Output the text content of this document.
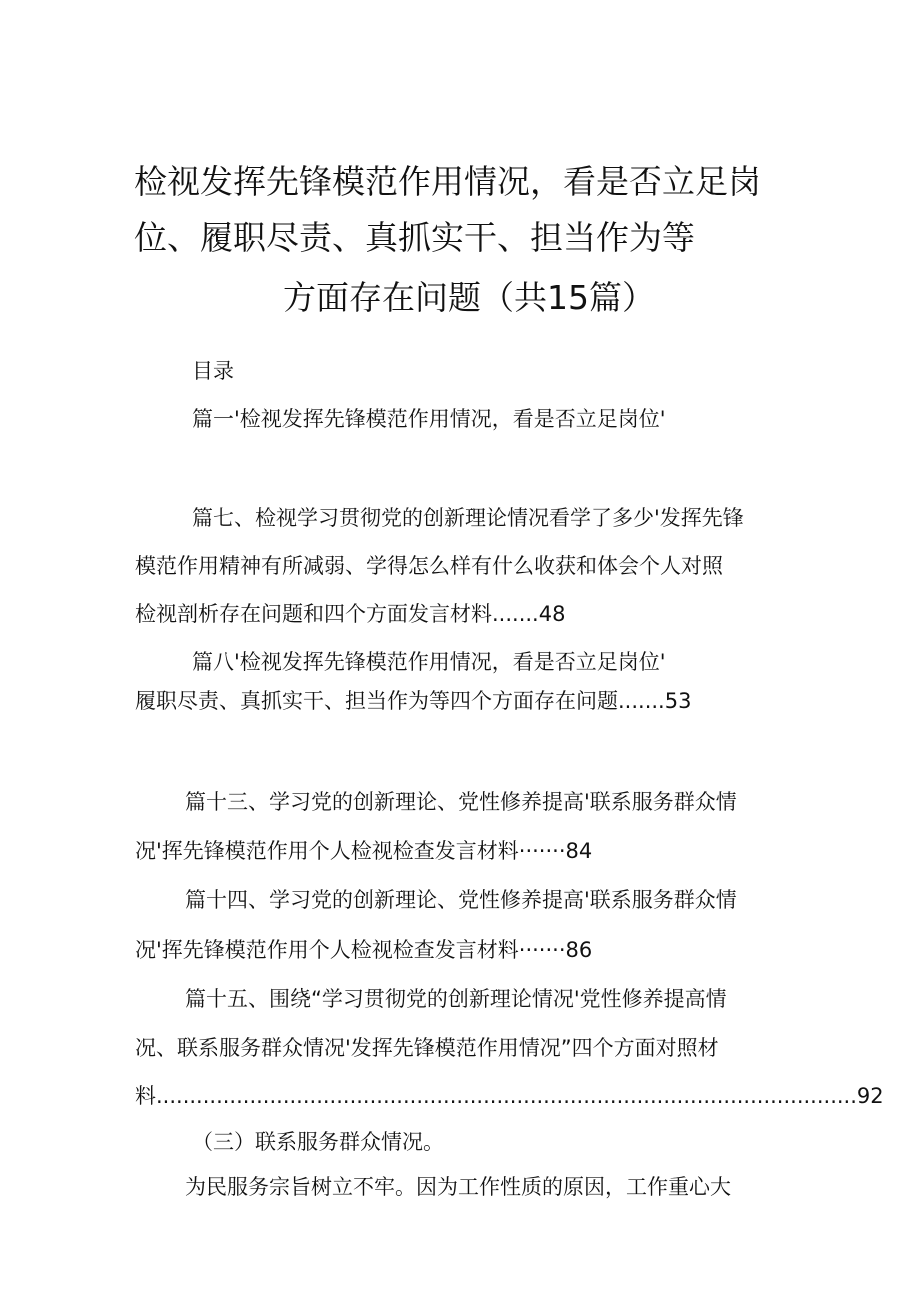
检视发挥先锋模范作用情况，看是否立足岗
位、履职尽责、真抓实干、担当作为等
方面存在问题（共15篇）
目录
篇一'检视发挥先锋模范作用情况，看是否立足岗位'
篇七、检视学习贯彻党的创新理论情况看学了多少'发挥先锋
模范作用精神有所减弱、学得怎么样有什么收获和体会个人对照
检视剖析存在问题和四个方面发言材料.......48
篇八'检视发挥先锋模范作用情况，看是否立足岗位'
履职尽责、真抓实干、担当作为等四个方面存在问题.......53
篇十三、学习党的创新理论、党性修养提高'联系服务群众情
况'挥先锋模范作用个人检视检查发言材料·······84
篇十四、学习党的创新理论、党性修养提高'联系服务群众情
况'挥先锋模范作用个人检视检查发言材料·······86
篇十五、围绕“学习贯彻党的创新理论情况'党性修养提高情
况、联系服务群众情况'发挥先锋模范作用情况”四个方面对照材
料.........................................................................................................92
（三）联系服务群众情况。
为民服务宗旨树立不牢。因为工作性质的原因，工作重心大
